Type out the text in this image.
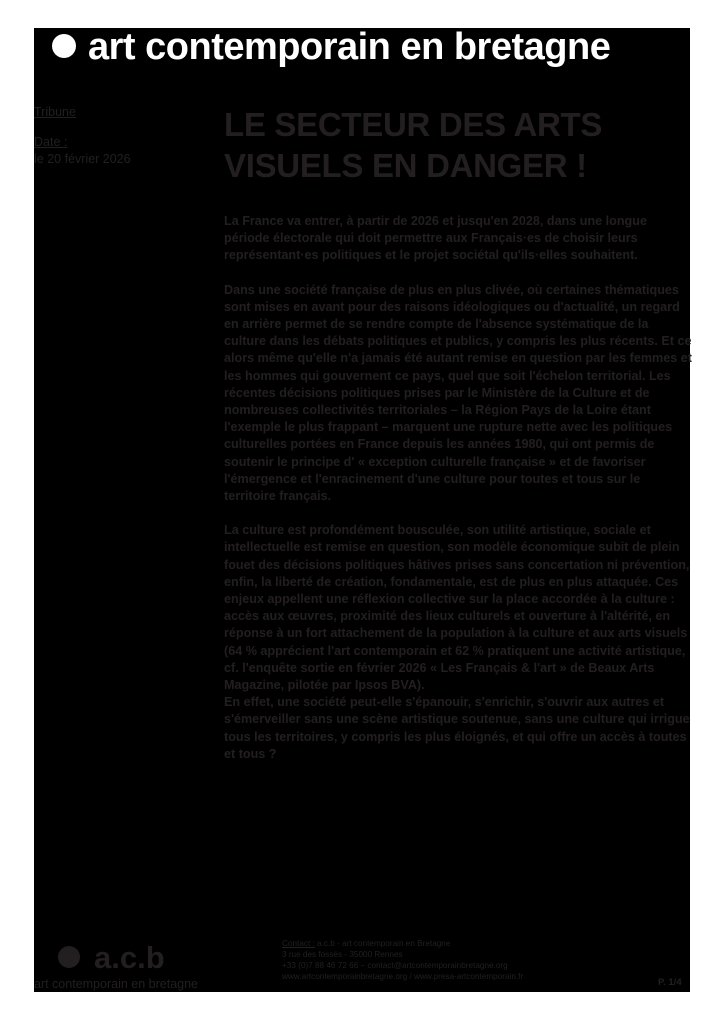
art contemporain en bretagne
Tribune
Date :
le 20 février 2026
LE SECTEUR DES ARTS
VISUELS EN DANGER !

La France va entrer, à partir de 2026 et jusqu'en 2028, dans une longue période électorale qui doit permettre aux Français·es de choisir leurs représentant·es politiques et le projet sociétal qu'ils·elles souhaitent.

Dans une société française de plus en plus clivée, où certaines thématiques sont mises en avant pour des raisons idéologiques ou d'actualité, un regard en arrière permet de se rendre compte de l'absence systématique de la culture dans les débats politiques et publics, y compris les plus récents. Et ce alors même qu'elle n'a jamais été autant remise en question par les femmes et les hommes qui gouvernent ce pays, quel que soit l'échelon territorial. Les récentes décisions politiques prises par le Ministère de la Culture et de nombreuses collectivités territoriales – la Région Pays de la Loire étant l'exemple le plus frappant – marquent une rupture nette avec les politiques culturelles portées en France depuis les années 1980, qui ont permis de soutenir le principe d' « exception culturelle française » et de favoriser l'émergence et l'enracinement d'une culture pour toutes et tous sur le territoire français.

La culture est profondément bousculée, son utilité artistique, sociale et intellectuelle est remise en question, son modèle économique subit de plein fouet des décisions politiques hâtives prises sans concertation ni prévention, enfin, la liberté de création, fondamentale, est de plus en plus attaquée. Ces enjeux appellent une réflexion collective sur la place accordée à la culture : accès aux œuvres, proximité des lieux culturels et ouverture à l'altérité, en réponse à un fort attachement de la population à la culture et aux arts visuels (64 % apprécient l'art contemporain et 62 % pratiquent une activité artistique, cf. l'enquête sortie en février 2026 « Les Français & l'art » de Beaux Arts Magazine, pilotée par Ipsos BVA).

En effet, une société peut-elle s'épanouir, s'enrichir, s'ouvrir aux autres et s'émerveiller sans une scène artistique soutenue, sans une culture qui irrigue tous les territoires, y compris les plus éloignés, et qui offre un accès à toutes et tous ?

a.c.b
art contemporain en bretagne
Contact : a.c.b - art contemporain en Bretagne
3 rue des fossés - 35000 Rennes
+33 (0)7 88 46 72 66 – contact@artcontemporainbretagne.org
www.artcontemporainbretagne.org / www.presa-artcontemporain.fr
P. 1/4
